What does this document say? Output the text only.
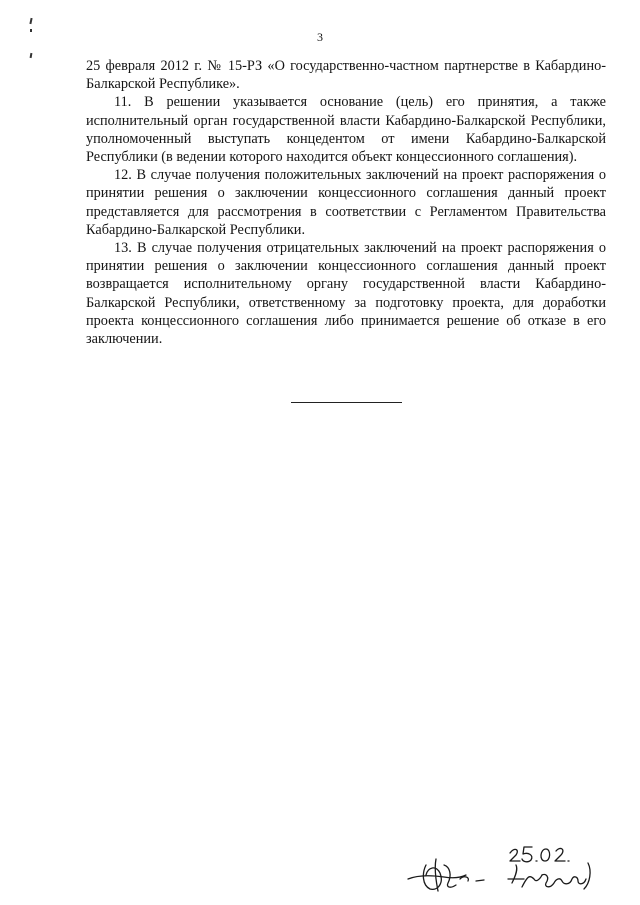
3

25 февраля 2012 г. № 15-РЗ «О государственно-частном партнерстве в Кабардино-Балкарской Республике».

11. В решении указывается основание (цель) его принятия, а также исполнительный орган государственной власти Кабардино-Балкарской Республики, уполномоченный выступать концедентом от имени Кабардино-Балкарской Республики (в ведении которого находится объект концессионного соглашения).

12. В случае получения положительных заключений на проект распоряжения о принятии решения о заключении концессионного соглашения данный проект представляется для рассмотрения в соответствии с Регламентом Правительства Кабардино-Балкарской Республики.

13. В случае получения отрицательных заключений на проект распоряжения о принятии решения о заключении концессионного соглашения данный проект возвращается исполнительному органу государственной власти Кабардино-Балкарской Республики, ответственному за подготовку проекта, для доработки проекта концессионного соглашения либо принимается решение об отказе в его заключении.
